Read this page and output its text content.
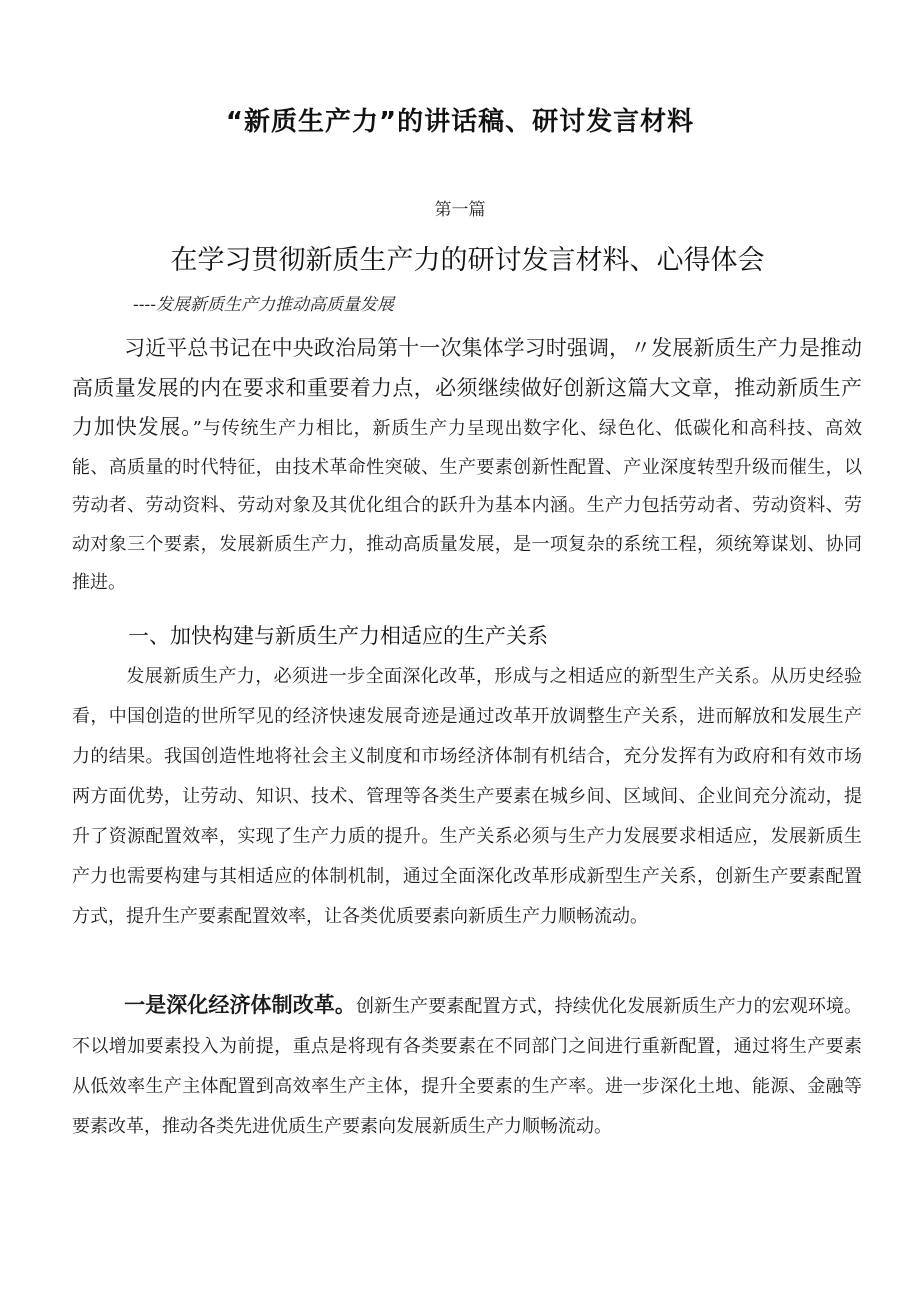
“新质生产力”的讲话稿、研讨发言材料
第一篇
在学习贯彻新质生产力的研讨发言材料、心得体会
----发展新质生产力推动高质量发展

习近平总书记在中央政治局第十一次集体学习时强调，〃发展新质生产力是推动高质量发展的内在要求和重要着力点，必须继续做好创新这篇大文章，推动新质生产力加快发展。”与传统生产力相比，新质生产力呈现出数字化、绿色化、低碳化和高科技、高效能、高质量的时代特征，由技术革命性突破、生产要素创新性配置、产业深度转型升级而催生，以劳动者、劳动资料、劳动对象及其优化组合的跃升为基本内涵。生产力包括劳动者、劳动资料、劳动对象三个要素，发展新质生产力，推动高质量发展，是一项复杂的系统工程，须统筹谋划、协同推进。

一、加快构建与新质生产力相适应的生产关系

发展新质生产力，必须进一步全面深化改革，形成与之相适应的新型生产关系。从历史经验看，中国创造的世所罕见的经济快速发展奇迹是通过改革开放调整生产关系，进而解放和发展生产力的结果。我国创造性地将社会主义制度和市场经济体制有机结合，充分发挥有为政府和有效市场两方面优势，让劳动、知识、技术、管理等各类生产要素在城乡间、区域间、企业间充分流动，提升了资源配置效率，实现了生产力质的提升。生产关系必须与生产力发展要求相适应，发展新质生产力也需要构建与其相适应的体制机制，通过全面深化改革形成新型生产关系，创新生产要素配置方式，提升生产要素配置效率，让各类优质要素向新质生产力顺畅流动。

一是深化经济体制改革。创新生产要素配置方式，持续优化发展新质生产力的宏观环境。不以增加要素投入为前提，重点是将现有各类要素在不同部门之间进行重新配置，通过将生产要素从低效率生产主体配置到高效率生产主体，提升全要素的生产率。进一步深化土地、能源、金融等要素改革，推动各类先进优质生产要素向发展新质生产力顺畅流动。
